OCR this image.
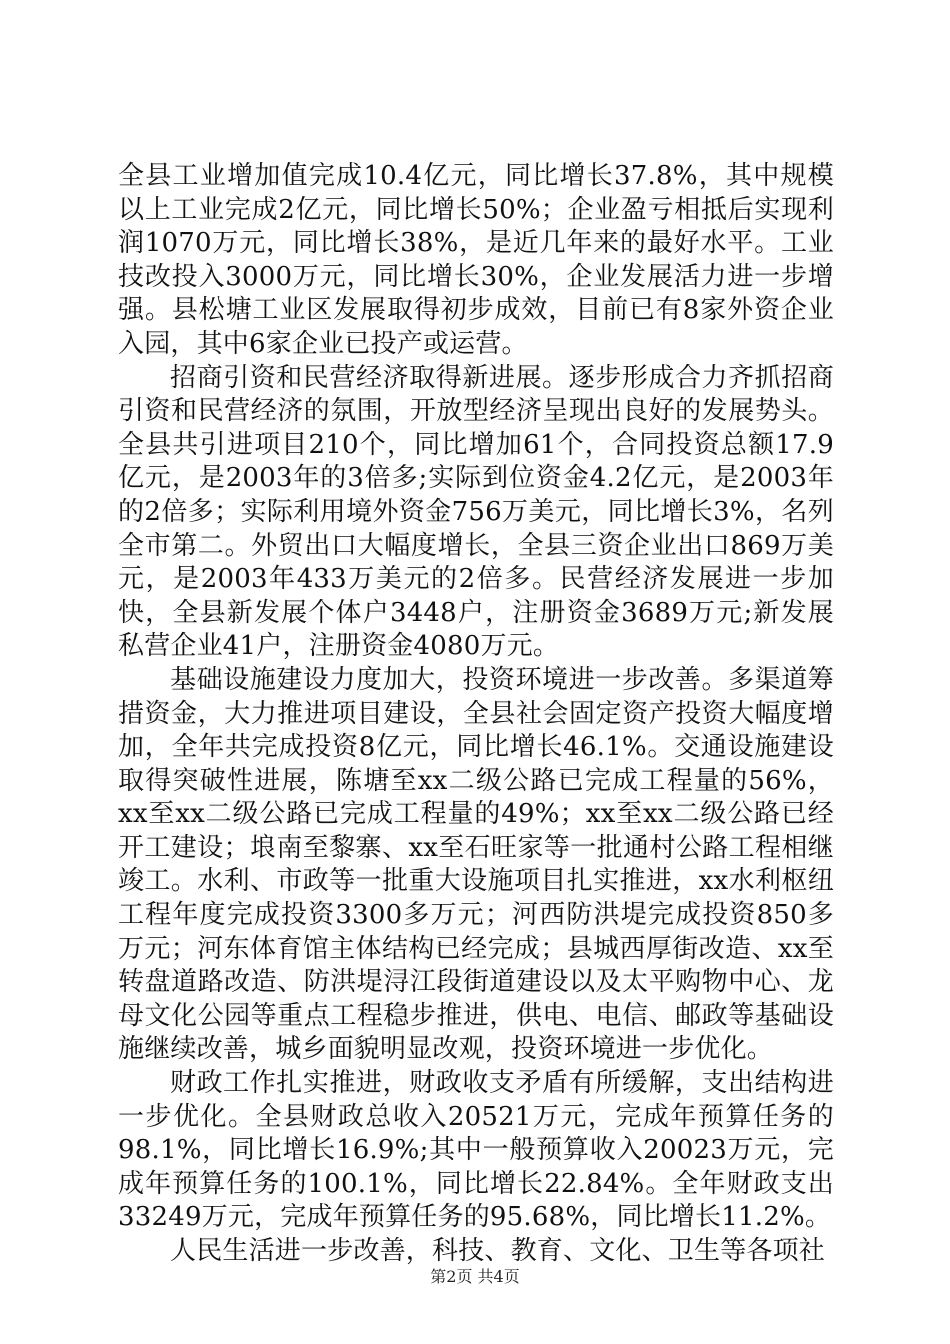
全县工业增加值完成10.4亿元，同比增长37.8%，其中规模以上工业完成2亿元，同比增长50%；企业盈亏相抵后实现利润1070万元，同比增长38%，是近几年来的最好水平。工业技改投入3000万元，同比增长30%，企业发展活力进一步增强。县松塘工业区发展取得初步成效，目前已有8家外资企业入园，其中6家企业已投产或运营。

招商引资和民营经济取得新进展。逐步形成合力齐抓招商引资和民营经济的氛围，开放型经济呈现出良好的发展势头。全县共引进项目210个，同比增加61个，合同投资总额17.9亿元，是2003年的3倍多;实际到位资金4.2亿元，是2003年的2倍多；实际利用境外资金756万美元，同比增长3%，名列全市第二。外贸出口大幅度增长，全县三资企业出口869万美元，是2003年433万美元的2倍多。民营经济发展进一步加快，全县新发展个体户3448户，注册资金3689万元;新发展私营企业41户，注册资金4080万元。

基础设施建设力度加大，投资环境进一步改善。多渠道筹措资金，大力推进项目建设，全县社会固定资产投资大幅度增加，全年共完成投资8亿元，同比增长46.1%。交通设施建设取得突破性进展，陈塘至xx二级公路已完成工程量的56%，xx至xx二级公路已完成工程量的49%；xx至xx二级公路已经开工建设；埌南至黎寨、xx至石旺家等一批通村公路工程相继竣工。水利、市政等一批重大设施项目扎实推进，xx水利枢纽工程年度完成投资3300多万元；河西防洪堤完成投资850多万元；河东体育馆主体结构已经完成；县城西厚街改造、xx至转盘道路改造、防洪堤浔江段街道建设以及太平购物中心、龙母文化公园等重点工程稳步推进，供电、电信、邮政等基础设施继续改善，城乡面貌明显改观，投资环境进一步优化。

财政工作扎实推进，财政收支矛盾有所缓解，支出结构进一步优化。全县财政总收入20521万元，完成年预算任务的98.1%，同比增长16.9%;其中一般预算收入20023万元，完成年预算任务的100.1%，同比增长22.84%。全年财政支出33249万元，完成年预算任务的95.68%，同比增长11.2%。

人民生活进一步改善，科技、教育、文化、卫生等各项社

第2页 共4页
